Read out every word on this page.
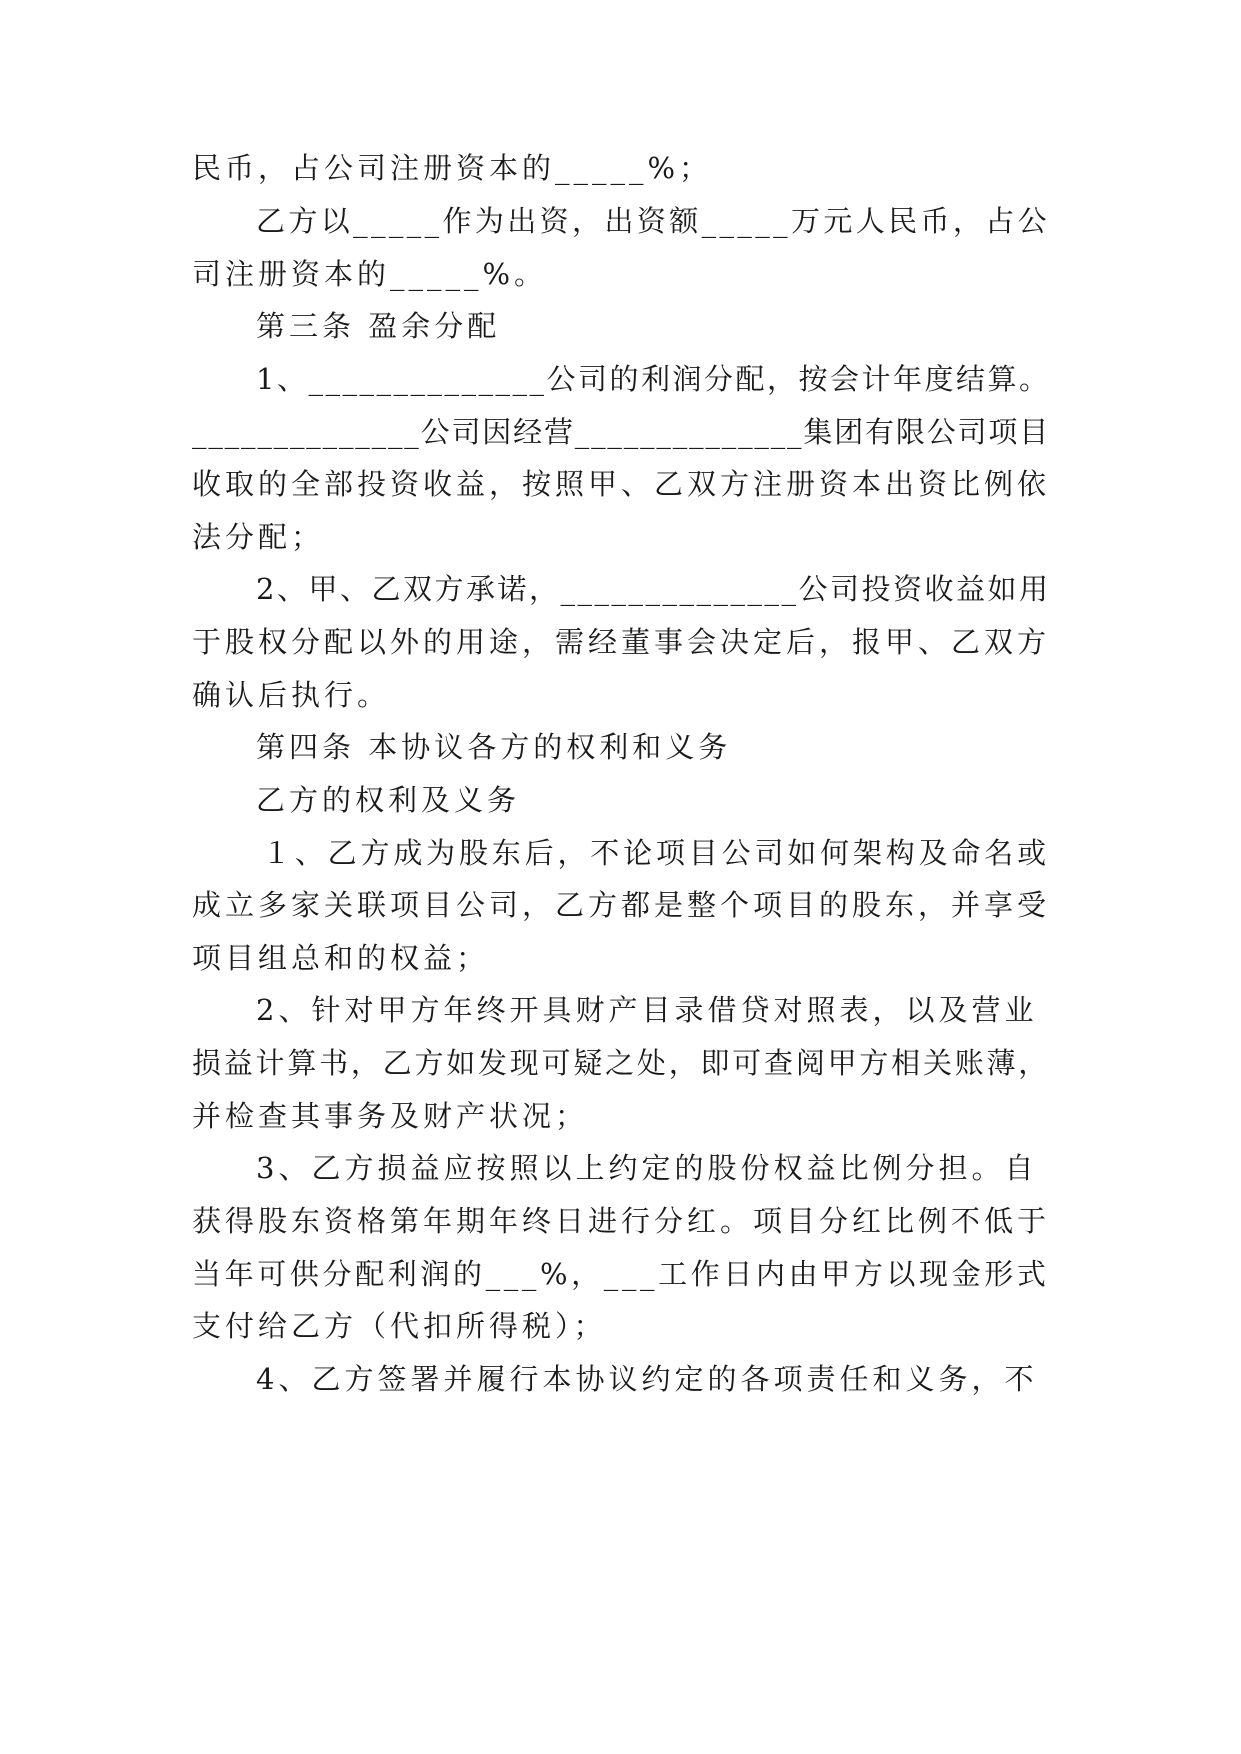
民币，占公司注册资本的_____%；
乙方以_____作为出资，出资额_____万元人民币，占公
司注册资本的_____%。
第三条 盈余分配
1、______________公司的利润分配，按会计年度结算。
______________公司因经营______________集团有限公司项目
收取的全部投资收益，按照甲、乙双方注册资本出资比例依
法分配；
2、甲、乙双方承诺，______________公司投资收益如用
于股权分配以外的用途，需经董事会决定后，报甲、乙双方
确认后执行。
第四条 本协议各方的权利和义务
乙方的权利及义务
１、乙方成为股东后，不论项目公司如何架构及命名或
成立多家关联项目公司，乙方都是整个项目的股东，并享受
项目组总和的权益；
2、针对甲方年终开具财产目录借贷对照表，以及营业
损益计算书，乙方如发现可疑之处，即可查阅甲方相关账薄，
并检查其事务及财产状况；
3、乙方损益应按照以上约定的股份权益比例分担。自
获得股东资格第年期年终日进行分红。项目分红比例不低于
当年可供分配利润的___%，___工作日内由甲方以现金形式
支付给乙方（代扣所得税）；
4、乙方签署并履行本协议约定的各项责任和义务，不
